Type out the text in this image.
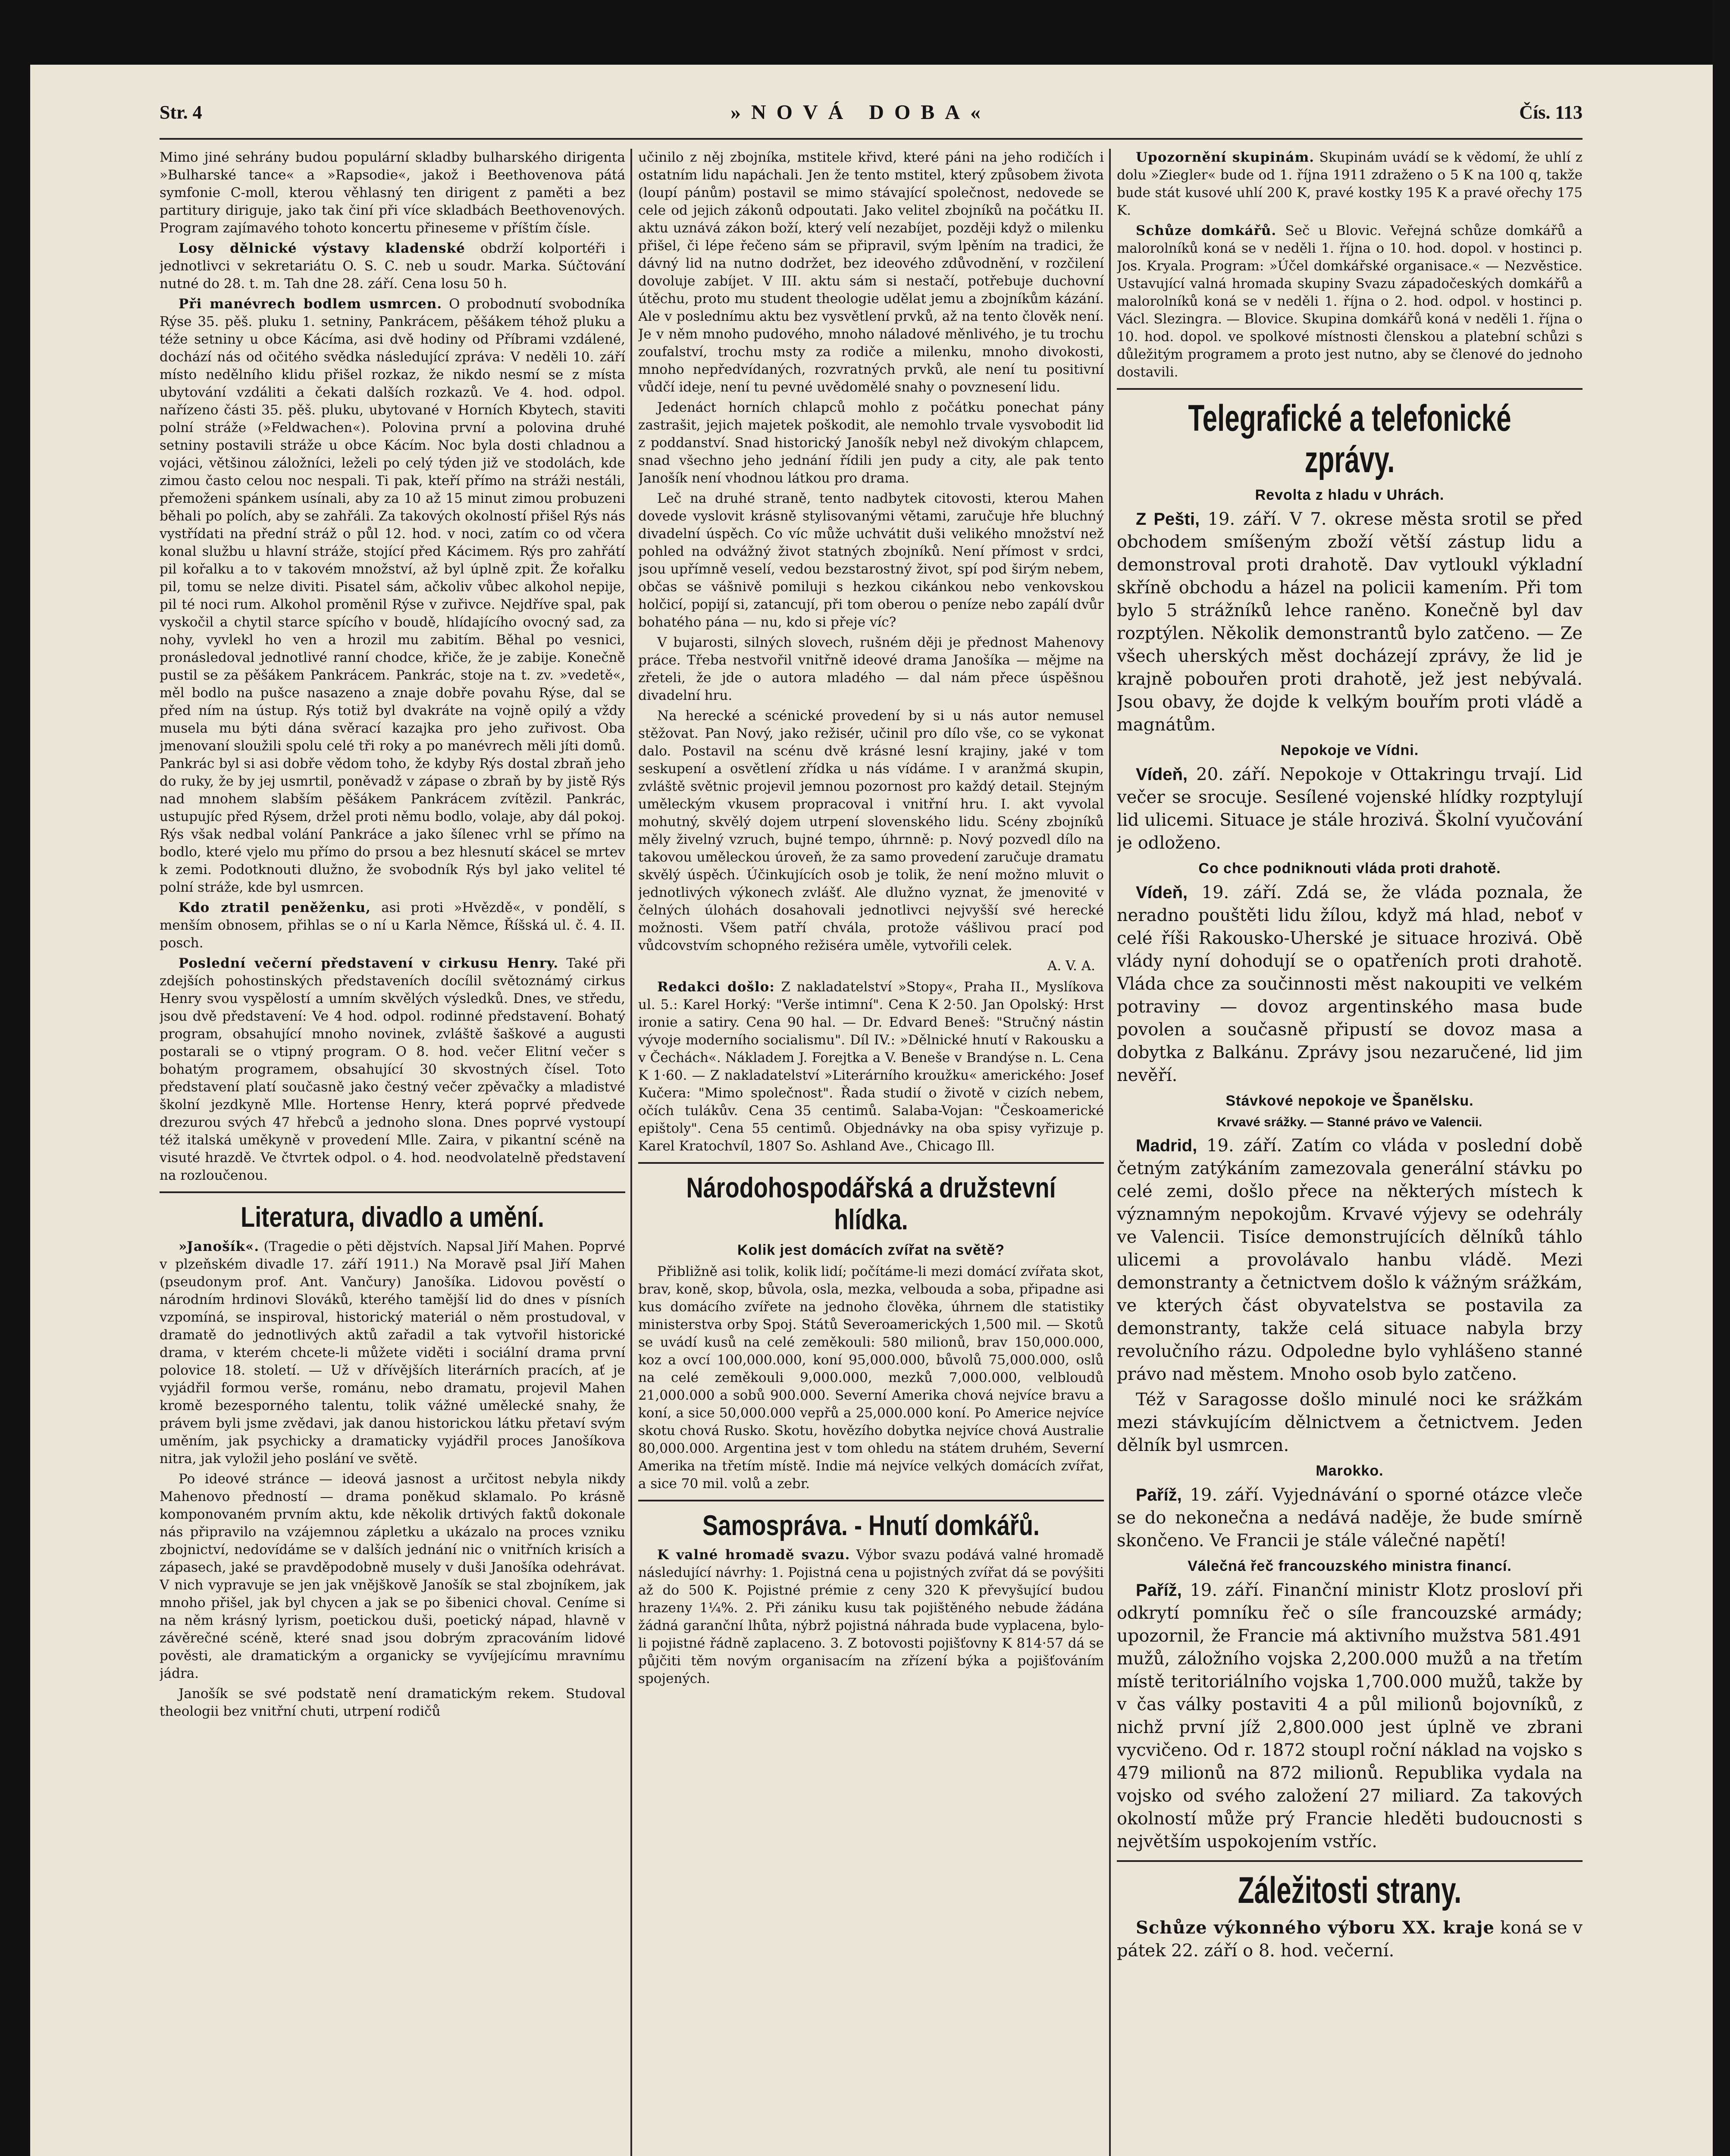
Str. 4	»NOVÁ DOBA«	Čís. 113

Mimo jiné sehrány budou populární skladby bulharského dirigenta »Bulharské tance« a »Rapsodie«, jakož i Beethovenova pátá symfonie C-moll, kterou věhlasný ten dirigent z paměti a bez partitury diriguje, jako tak činí při více skladbách Beethovenových. Program zajímavého tohoto koncertu přineseme v příštím čísle.

Losy dělnické výstavy kladenské obdrží kolportéři i jednotlivci v sekretariátu O. S. C. neb u soudr. Marka. Súčtování nutné do 28. t. m. Tah dne 28. září. Cena losu 50 h.

Při manévrech bodlem usmrcen. O probodnutí svobodníka Rýse 35. pěš. pluku 1. setniny, Pankrácem, pěšákem téhož pluku a téže setniny u obce Kácíma, asi dvě hodiny od Příbrami vzdálené, dochází nás od očitého svědka následující zpráva: V neděli 10. září místo nedělního klidu přišel rozkaz, že nikdo nesmí se z místa ubytování vzdáliti a čekati dalších rozkazů. Ve 4. hod. odpol. nařízeno části 35. pěš. pluku, ubytované v Horních Kbytech, staviti polní stráže (»Feldwachen«). Polovina první a polovina druhé setniny postavili stráže u obce Kácím. Noc byla dosti chladnou a vojáci, většinou záložníci, leželi po celý týden již ve stodolách, kde zimou často celou noc nespali. Ti pak, kteří přímo na stráži nestáli, přemoženi spánkem usínali, aby za 10 až 15 minut zimou probuzeni běhali po polích, aby se zahřáli. Za takových okolností přišel Rýs nás vystřídati na přední stráž o půl 12. hod. v noci, zatím co od včera konal službu u hlavní stráže, stojící před Kácimem. Rýs pro zahřátí pil kořalku a to v takovém množství, až byl úplně zpit. Že kořalku pil, tomu se nelze diviti. Pisatel sám, ačkoliv vůbec alkohol nepije, pil té noci rum. Alkohol proměnil Rýse v zuřivce. Nejdříve spal, pak vyskočil a chytil starce spícího v boudě, hlídajícího ovocný sad, za nohy, vyvlekl ho ven a hrozil mu zabitím. Běhal po vesnici, pronásledoval jednotlivé ranní chodce, křiče, že je zabije. Konečně pustil se za pěšákem Pankrácem. Pankrác, stoje na t. zv. »vedetě«, měl bodlo na pušce nasazeno a znaje dobře povahu Rýse, dal se před ním na ústup. Rýs totiž byl dvakráte na vojně opilý a vždy musela mu býti dána svěrací kazajka pro jeho zuřivost. Oba jmenovaní sloužili spolu celé tři roky a po manévrech měli jíti domů. Pankrác byl si asi dobře vědom toho, že kdyby Rýs dostal zbraň jeho do ruky, že by jej usmrtil, poněvadž v zápase o zbraň by by jistě Rýs nad mnohem slabším pěšákem Pankrácem zvítězil. Pankrác, ustupujíc před Rýsem, držel proti němu bodlo, volaje, aby dál pokoj. Rýs však nedbal volání Pankráce a jako šílenec vrhl se přímo na bodlo, které vjelo mu přímo do prsou a bez hlesnutí skácel se mrtev k zemi. Podotknouti dlužno, že svobodník Rýs byl jako velitel té polní stráže, kde byl usmrcen.

Kdo ztratil peněženku, asi proti »Hvězdě«, v pondělí, s menším obnosem, přihlas se o ní u Karla Němce, Říšská ul. č. 4. II. posch.

Poslední večerní představení v cirkusu Henry. Také při zdejších pohostinských představeních docílil světoznámý cirkus Henry svou vyspělostí a umním skvělých výsledků. Dnes, ve středu, jsou dvě představení: Ve 4 hod. odpol. rodinné představení. Bohatý program, obsahující mnoho novinek, zvláště šaškové a augusti postarali se o vtipný program. O 8. hod. večer Elitní večer s bohatým programem, obsahující 30 skvostných čísel. Toto představení platí současně jako čestný večer zpěvačky a mladistvé školní jezdkyně Mlle. Hortense Henry, která poprvé předvede drezurou svých 47 hřebců a jednoho slona. Dnes poprvé vystoupí též italská uměkyně v provedení Mlle. Zaira, v pikantní scéně na visuté hrazdě. Ve čtvrtek odpol. o 4. hod. neodvolatelně představení na rozloučenou.

Literatura, divadlo a umění.

»Janošík«. (Tragedie o pěti dějstvích. Napsal Jiří Mahen. Poprvé v plzeňském divadle 17. září 1911.) Na Moravě psal Jiří Mahen (pseudonym prof. Ant. Vančury) Janošíka. Lidovou pověstí o národním hrdinovi Slováků, kterého tamější lid do dnes v písních vzpomíná, se inspiroval, historický materiál o něm prostudoval, v dramatě do jednotlivých aktů zařadil a tak vytvořil historické drama, v kterém chcete-li můžete viděti i sociální drama první polovice 18. století. — Už v dřívějších literárních pracích, ať je vyjádřil formou verše, románu, nebo dramatu, projevil Mahen kromě bezesporného talentu, tolik vážné umělecké snahy, že právem byli jsme zvědavi, jak danou historickou látku přetaví svým uměním, jak psychicky a dramaticky vyjádřil proces Janošíkova nitra, jak vyložil jeho poslání ve světě.

Po ideové stránce — ideová jasnost a určitost nebyla nikdy Mahenovo předností — drama poněkud sklamalo. Po krásně komponovaném prvním aktu, kde několik drtivých faktů dokonale nás připravilo na vzájemnou zápletku a ukázalo na proces vzniku zbojnictví, nedovídáme se v dalších jednání nic o vnitřních krisích a zápasech, jaké se pravděpodobně musely v duši Janošíka odehrávat. V nich vypravuje se jen jak vnějškově Janošík se stal zbojníkem, jak mnoho přišel, jak byl chycen a jak se po šibenici choval. Ceníme si na něm krásný lyrism, poetickou duši, poetický nápad, hlavně v závěrečné scéně, které snad jsou dobrým zpracováním lidové pověsti, ale dramatickým a organicky se vyvíjejícímu mravnímu jádra.

Janošík se své podstatě není dramatickým rekem. Studoval theologii bez vnitřní chuti, utrpení rodičů

učinilo z něj zbojníka, mstitele křivd, které páni na jeho rodičích i ostatním lidu napáchali. Jen že tento mstitel, který způsobem života (loupí pánům) postavil se mimo stávající společnost, nedovede se cele od jejich zákonů odpoutati. Jako velitel zbojníků na počátku II. aktu uznává zákon boží, který velí nezabíjet, později když o milenku přišel, či lépe řečeno sám se připravil, svým lpěním na tradici, že dávný lid na nutno dodržet, bez ideového zdůvodnění, v rozčilení dovoluje zabíjet. V III. aktu sám si nestačí, potřebuje duchovní útěchu, proto mu student theologie udělat jemu a zbojníkům kázání. Ale v poslednímu aktu bez vysvětlení prvků, až na tento člověk není. Je v něm mnoho pudového, mnoho náladové měnlivého, je tu trochu zoufalství, trochu msty za rodiče a milenku, mnoho divokosti, mnoho nepředvídaných, rozvratných prvků, ale není tu positivní vůdčí ideje, není tu pevné uvědomělé snahy o povznesení lidu.

Jedenáct horních chlapců mohlo z počátku ponechat pány zastrašit, jejich majetek poškodit, ale nemohlo trvale vysvobodit lid z poddanství. Snad historický Janošík nebyl než divokým chlapcem, snad všechno jeho jednání řídili jen pudy a city, ale pak tento Janošík není vhodnou látkou pro drama.

Leč na druhé straně, tento nadbytek citovosti, kterou Mahen dovede vyslovit krásně stylisovanými větami, zaručuje hře bluchný divadelní úspěch. Co víc může uchvátit duši velikého množství než pohled na odvážný život statných zbojníků. Není přímost v srdci, jsou upřímně veselí, vedou bezstarostný život, spí pod širým nebem, občas se vášnivě pomiluji s hezkou cikánkou nebo venkovskou holčicí, popijí si, zatancují, při tom oberou o peníze nebo zapálí dvůr bohatého pána — nu, kdo si přeje víc?

V bujarosti, silných slovech, rušném ději je přednost Mahenovy práce. Třeba nestvořil vnitřně ideové drama Janošíka — mějme na zřeteli, že jde o autora mladého — dal nám přece úspěšnou divadelní hru.

Na herecké a scénické provedení by si u nás autor nemusel stěžovat. Pan Nový, jako režisér, učinil pro dílo vše, co se vykonat dalo. Postavil na scénu dvě krásné lesní krajiny, jaké v tom seskupení a osvětlení zřídka u nás vídáme. I v aranžmá skupin, zvláště světnic projevil jemnou pozornost pro každý detail. Stejným uměleckým vkusem propracoval i vnitřní hru. I. akt vyvolal mohutný, skvělý dojem utrpení slovenského lidu. Scény zbojníků měly živelný vzruch, bujné tempo, úhrnně: p. Nový pozvedl dílo na takovou uměleckou úroveň, že za samo provedení zaručuje dramatu skvělý úspěch. Účinkujících osob je tolik, že není možno mluvit o jednotlivých výkonech zvlášť. Ale dlužno vyznat, že jmenovité v čelných úlohách dosahovali jednotlivci nejvyšší své herecké možnosti. Všem patří chvála, protože vášlivou prací pod vůdcovstvím schopného režiséra uměle, vytvořili celek.

A. V. A.

Redakci došlo: Z nakladatelství »Stopy«, Praha II., Myslíkova ul. 5.: Karel Horký: "Verše intimní". Cena K 2·50. Jan Opolský: Hrst ironie a satiry. Cena 90 hal. — Dr. Edvard Beneš: "Stručný nástin vývoje moderního socialismu". Díl IV.: »Dělnické hnutí v Rakousku a v Čechách«. Nákladem J. Forejtka a V. Beneše v Brandýse n. L. Cena K 1·60. — Z nakladatelství »Literárního kroužku« amerického: Josef Kučera: "Mimo společnost". Řada studií o životě v cizích nebem, očích tulákův. Cena 35 centimů. Salaba-Vojan: "Českoamerické epištoly". Cena 55 centimů. Objednávky na oba spisy vyřizuje p. Karel Kratochvíl, 1807 So. Ashland Ave., Chicago Ill.

Národohospodářská a družstevní hlídka.
Kolik jest domácích zvířat na světě?

Přibližně asi tolik, kolik lidí; počítáme-li mezi domácí zvířata skot, brav, koně, skop, bůvola, osla, mezka, velbouda a soba, připadne asi kus domácího zvířete na jednoho člověka, úhrnem dle statistiky ministerstva orby Spoj. Států Severoamerických 1,500 mil. — Skotů se uvádí kusů na celé zeměkouli: 580 milionů, brav 150,000.000, koz a ovcí 100,000.000, koní 95,000.000, bůvolů 75,000.000, oslů na celé zeměkouli 9,000.000, mezků 7,000.000, velbloudů 21,000.000 a sobů 900.000. Severní Amerika chová nejvíce bravu a koní, a sice 50,000.000 vepřů a 25,000.000 koní. Po Americe nejvíce skotu chová Rusko. Skotu, hovězího dobytka nejvíce chová Australie 80,000.000. Argentina jest v tom ohledu na státem druhém, Severní Amerika na třetím místě. Indie má nejvíce velkých domácích zvířat, a sice 70 mil. volů a zebr.

Samospráva. - Hnutí domkářů.

K valné hromadě svazu. Výbor svazu podává valné hromadě následující návrhy: 1. Pojistná cena u pojistných zvířat dá se povýšiti až do 500 K. Pojistné prémie z ceny 320 K převyšující budou hrazeny 1¼%. 2. Při zániku kusu tak pojištěného nebude žádána žádná garanční lhůta, nýbrž pojistná náhrada bude vyplacena, bylo-li pojistné řádně zaplaceno. 3. Z botovosti pojišťovny K 814·57 dá se půjčiti těm novým organisacím na zřízení býka a pojišťováním spojených.

Upozornění skupinám. Skupinám uvádí se k vědomí, že uhlí z dolu »Ziegler« bude od 1. října 1911 zdraženo o 5 K na 100 q, takže bude stát kusové uhlí 200 K, pravé kostky 195 K a pravé ořechy 175 K.

Schůze domkářů. Seč u Blovic. Veřejná schůze domkářů a malorolníků koná se v neděli 1. října o 10. hod. dopol. v hostinci p. Jos. Kryala. Program: »Účel domkářské organisace.« — Nezvěstice. Ustavující valná hromada skupiny Svazu západočeských domkářů a malorolníků koná se v neděli 1. října o 2. hod. odpol. v hostinci p. Václ. Slezingra. — Blovice. Skupina domkářů koná v neděli 1. října o 10. hod. dopol. ve spolkové místnosti členskou a platební schůzi s důležitým programem a proto jest nutno, aby se členové do jednoho dostavili.

Telegrafické a telefonické zprávy.
Revolta z hladu v Uhrách.

Z Pešti, 19. září. V 7. okrese města srotil se před obchodem smíšeným zboží větší zástup lidu a demonstroval proti drahotě. Dav vytloukl výkladní skříně obchodu a házel na policii kamením. Při tom bylo 5 strážníků lehce raněno. Konečně byl dav rozptýlen. Několik demonstrantů bylo zatčeno. — Ze všech uherských měst docházejí zprávy, že lid je krajně pobouřen proti drahotě, jež jest nebývalá. Jsou obavy, že dojde k velkým bouřím proti vládě a magnátům.

Nepokoje ve Vídni.

Vídeň, 20. září. Nepokoje v Ottakringu trvají. Lid večer se srocuje. Sesílené vojenské hlídky rozptylují lid ulicemi. Situace je stále hrozivá. Školní vyučování je odloženo.

Co chce podniknouti vláda proti drahotě.

Vídeň, 19. září. Zdá se, že vláda poznala, že neradno pouštěti lidu žílou, když má hlad, neboť v celé říši Rakousko-Uherské je situace hrozivá. Obě vlády nyní dohodují se o opatřeních proti drahotě. Vláda chce za součinnosti měst nakoupiti ve velkém potraviny — dovoz argentinského masa bude povolen a současně připustí se dovoz masa a dobytka z Balkánu. Zprávy jsou nezaručené, lid jim nevěří.

Stávkové nepokoje ve Španělsku.
Krvavé srážky. — Stanné právo ve Valencii.

Madrid, 19. září. Zatím co vláda v poslední době četným zatýkáním zamezovala generální stávku po celé zemi, došlo přece na některých místech k významným nepokojům. Krvavé výjevy se odehrály ve Valencii. Tisíce demonstrujících dělníků táhlo ulicemi a provolávalo hanbu vládě. Mezi demonstranty a četnictvem došlo k vážným srážkám, ve kterých část obyvatelstva se postavila za demonstranty, takže celá situace nabyla brzy revolučního rázu. Odpoledne bylo vyhlášeno stanné právo nad městem. Mnoho osob bylo zatčeno.

Též v Saragosse došlo minulé noci ke srážkám mezi stávkujícím dělnictvem a četnictvem. Jeden dělník byl usmrcen.

Marokko.

Paříž, 19. září. Vyjednávání o sporné otázce vleče se do nekonečna a nedává naděje, že bude smírně skončeno. Ve Francii je stále válečné napětí!

Válečná řeč francouzského ministra financí.

Paříž, 19. září. Finanční ministr Klotz prosloví při odkrytí pomníku řeč o síle francouzské armády; upozornil, že Francie má aktivního mužstva 581.491 mužů, záložního vojska 2,200.000 mužů a na třetím místě teritoriálního vojska 1,700.000 mužů, takže by v čas války postaviti 4 a půl milionů bojovníků, z nichž první jíž 2,800.000 jest úplně ve zbrani vycvičeno. Od r. 1872 stoupl roční náklad na vojsko s 479 milionů na 872 milionů. Republika vydala na vojsko od svého založení 27 miliard. Za takových okolností může prý Francie hleděti budoucnosti s největším uspokojením vstříc.

Záležitosti strany.

Schůze výkonného výboru XX. kraje koná se v pátek 22. září o 8. hod. večerní.
